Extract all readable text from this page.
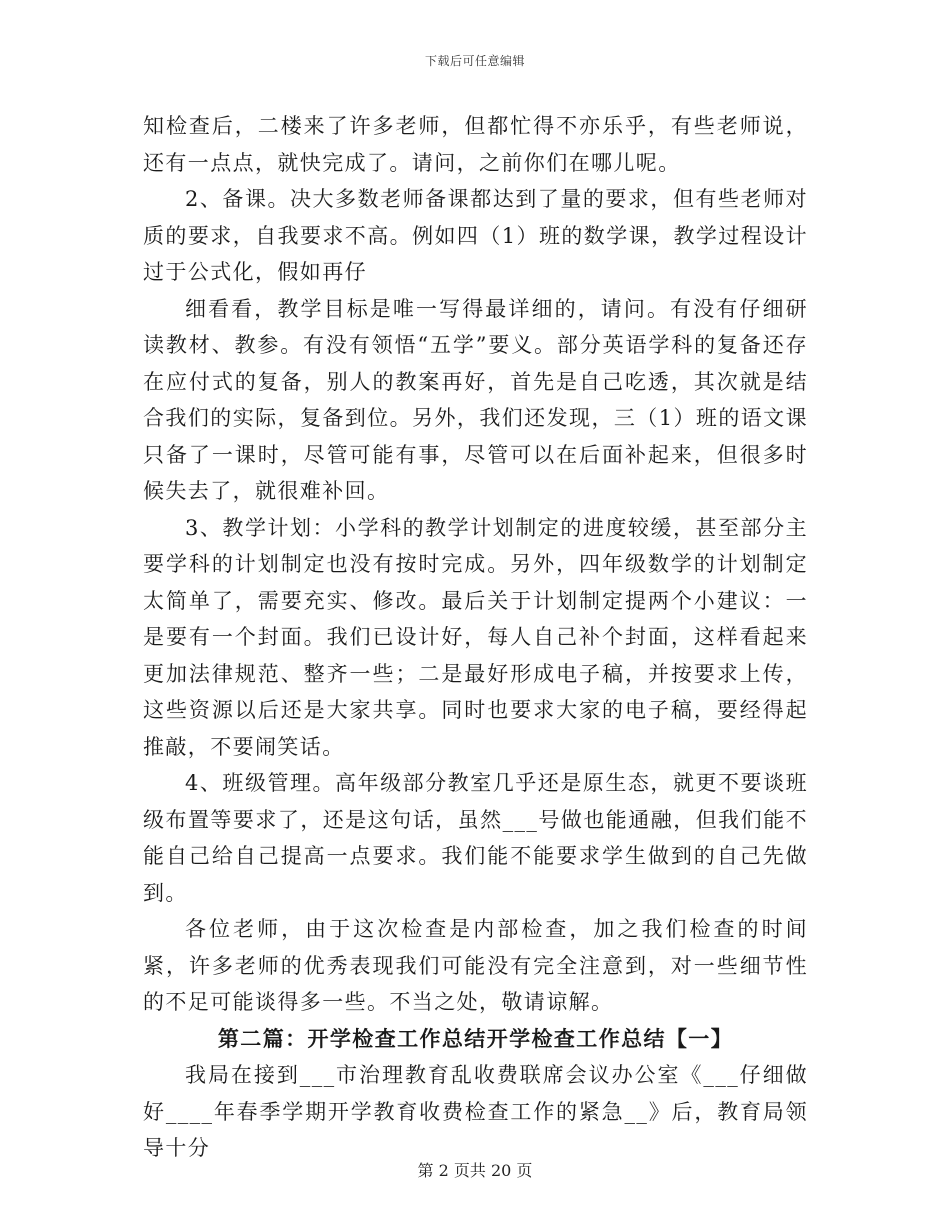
下载后可任意编辑

知检查后，二楼来了许多老师，但都忙得不亦乐乎，有些老师说，还有一点点，就快完成了。请问，之前你们在哪儿呢。

2、备课。决大多数老师备课都达到了量的要求，但有些老师对质的要求，自我要求不高。例如四（1）班的数学课，教学过程设计过于公式化，假如再仔

细看看，教学目标是唯一写得最详细的，请问。有没有仔细研读教材、教参。有没有领悟“五学”要义。部分英语学科的复备还存在应付式的复备，别人的教案再好，首先是自己吃透，其次就是结合我们的实际，复备到位。另外，我们还发现，三（1）班的语文课只备了一课时，尽管可能有事，尽管可以在后面补起来，但很多时候失去了，就很难补回。

3、教学计划：小学科的教学计划制定的进度较缓，甚至部分主要学科的计划制定也没有按时完成。另外，四年级数学的计划制定太简单了，需要充实、修改。最后关于计划制定提两个小建议：一是要有一个封面。我们已设计好，每人自己补个封面，这样看起来更加法律规范、整齐一些；二是最好形成电子稿，并按要求上传，这些资源以后还是大家共享。同时也要求大家的电子稿，要经得起推敲，不要闹笑话。

4、班级管理。高年级部分教室几乎还是原生态，就更不要谈班级布置等要求了，还是这句话，虽然___号做也能通融，但我们能不能自己给自己提高一点要求。我们能不能要求学生做到的自己先做到。

各位老师，由于这次检查是内部检查，加之我们检查的时间紧，许多老师的优秀表现我们可能没有完全注意到，对一些细节性的不足可能谈得多一些。不当之处，敬请谅解。

第二篇：开学检查工作总结开学检查工作总结【一】

我局在接到___市治理教育乱收费联席会议办公室《___仔细做好____年春季学期开学教育收费检查工作的紧急__》后，教育局领导十分

第 2 页共 20 页
